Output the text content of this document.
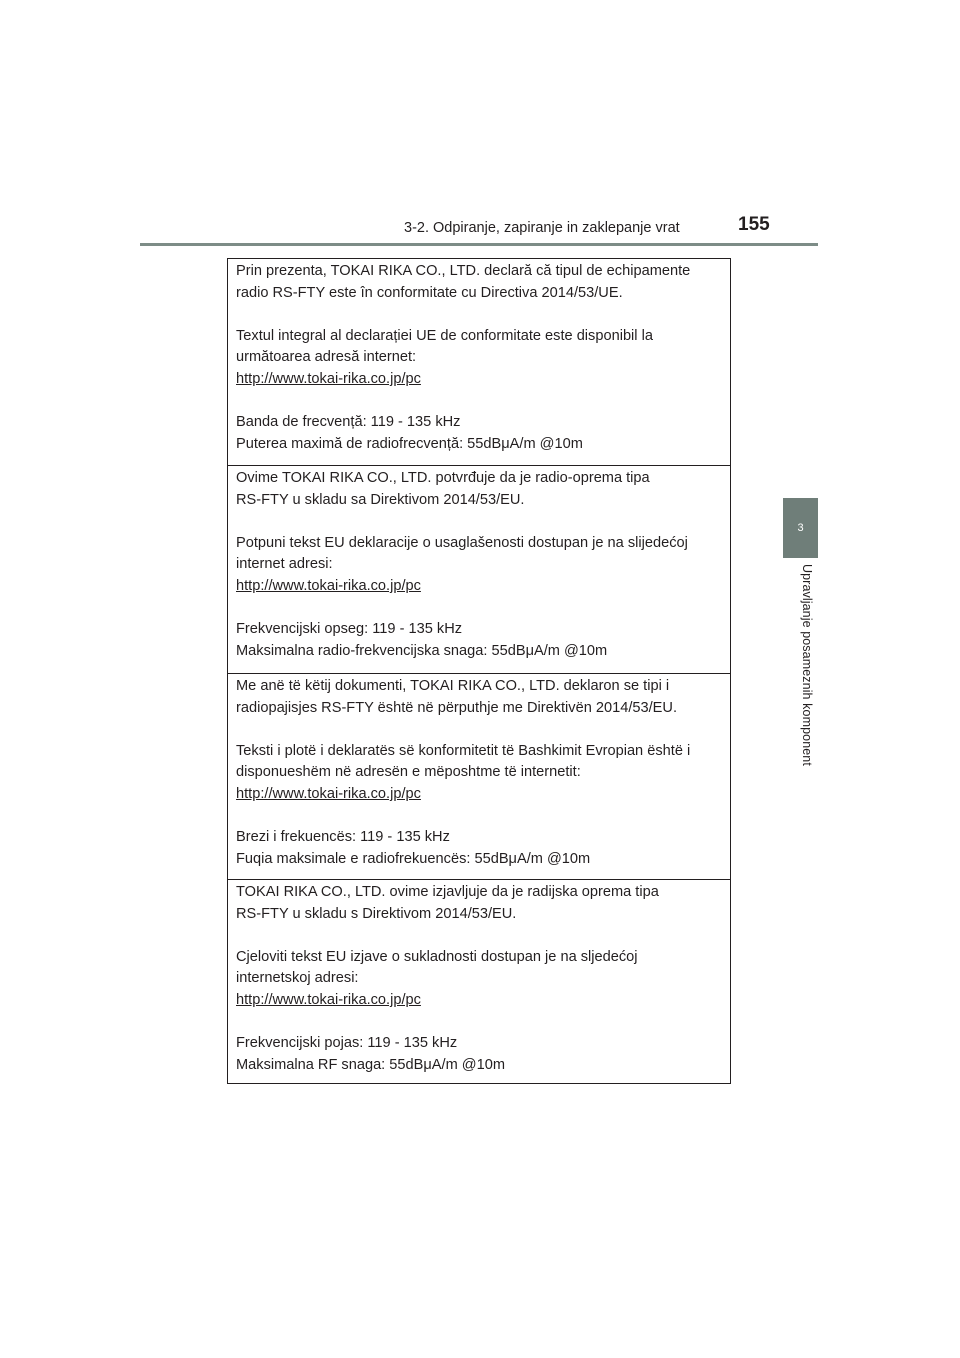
3-2. Odpiranje, zapiranje in zaklepanje vrat	155
3
Upravljanje posameznih komponent

Prin prezenta, TOKAI RIKA CO., LTD. declară că tipul de echipamente

radio RS-FTY este în conformitate cu Directiva 2014/53/UE.

Textul integral al declarației UE de conformitate este disponibil la

următoarea adresă internet:

http://www.tokai-rika.co.jp/pc

Banda de frecvență: 119 - 135 kHz

Puterea maximă de radiofrecvență: 55dBμA/m @10m

Ovime TOKAI RIKA CO., LTD. potvrđuje da je radio-oprema tipa

RS-FTY u skladu sa Direktivom 2014/53/EU.

Potpuni tekst EU deklaracije o usaglašenosti dostupan je na slijedećoj

internet adresi:

http://www.tokai-rika.co.jp/pc

Frekvencijski opseg: 119 - 135 kHz

Maksimalna radio-frekvencijska snaga: 55dBμA/m @10m

Me anë të këtij dokumenti, TOKAI RIKA CO., LTD. deklaron se tipi i

radiopajisjes RS-FTY është në përputhje me Direktivën 2014/53/EU.

Teksti i plotë i deklaratës së konformitetit të Bashkimit Evropian është i

disponueshëm në adresën e mëposhtme të internetit:

http://www.tokai-rika.co.jp/pc

Brezi i frekuencës: 119 - 135 kHz

Fuqia maksimale e radiofrekuencës: 55dBμA/m @10m

TOKAI RIKA CO., LTD. ovime izjavljuje da je radijska oprema tipa

RS-FTY u skladu s Direktivom 2014/53/EU.

Cjeloviti tekst EU izjave o sukladnosti dostupan je na sljedećoj

internetskoj adresi:

http://www.tokai-rika.co.jp/pc

Frekvencijski pojas: 119 - 135 kHz

Maksimalna RF snaga: 55dBμA/m @10m
